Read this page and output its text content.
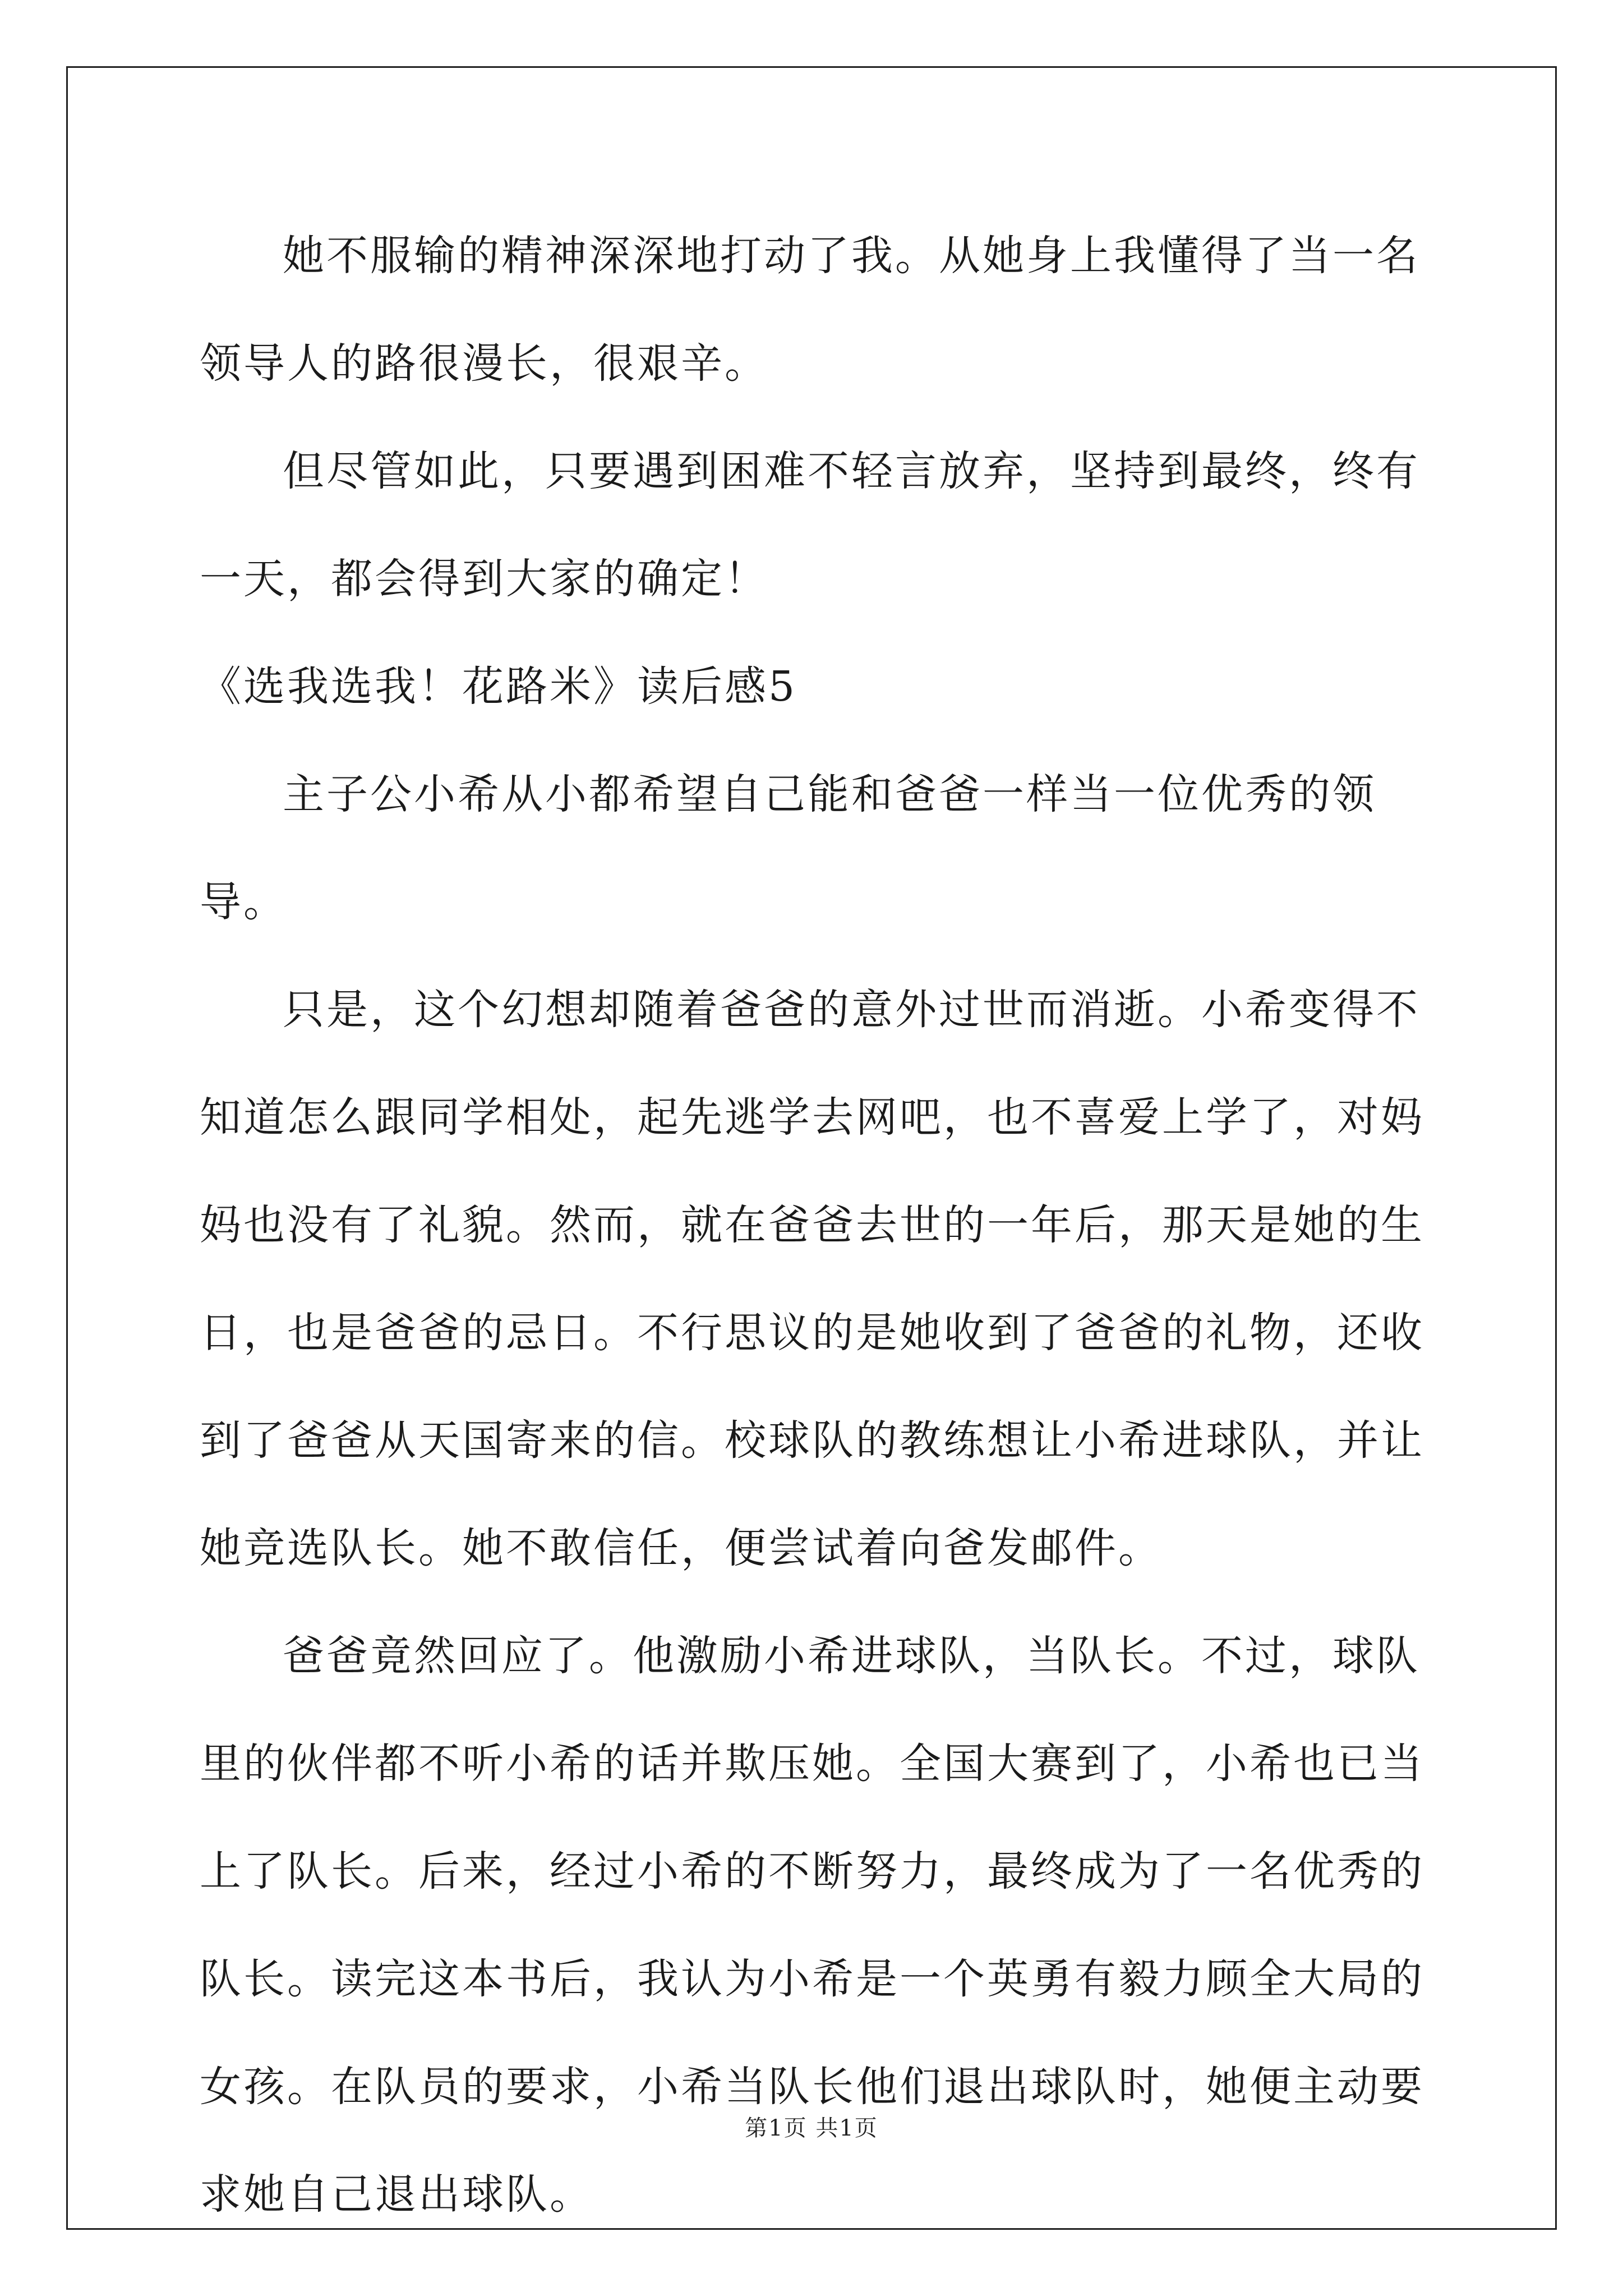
她不服输的精神深深地打动了我。从她身上我懂得了当一名领导人的路很漫长，很艰辛。

但尽管如此，只要遇到困难不轻言放弃，坚持到最终，终有一天，都会得到大家的确定！

《选我选我！花路米》读后感5

主子公小希从小都希望自己能和爸爸一样当一位优秀的领导。

只是，这个幻想却随着爸爸的意外过世而消逝。小希变得不知道怎么跟同学相处，起先逃学去网吧，也不喜爱上学了，对妈妈也没有了礼貌。然而，就在爸爸去世的一年后，那天是她的生日，也是爸爸的忌日。不行思议的是她收到了爸爸的礼物，还收到了爸爸从天国寄来的信。校球队的教练想让小希进球队，并让她竞选队长。她不敢信任，便尝试着向爸发邮件。

爸爸竟然回应了。他激励小希进球队，当队长。不过，球队里的伙伴都不听小希的话并欺压她。全国大赛到了，小希也已当上了队长。后来，经过小希的不断努力，最终成为了一名优秀的队长。读完这本书后，我认为小希是一个英勇有毅力顾全大局的女孩。在队员的要求，小希当队长他们退出球队时，她便主动要求她自己退出球队。

第1页 共1页
